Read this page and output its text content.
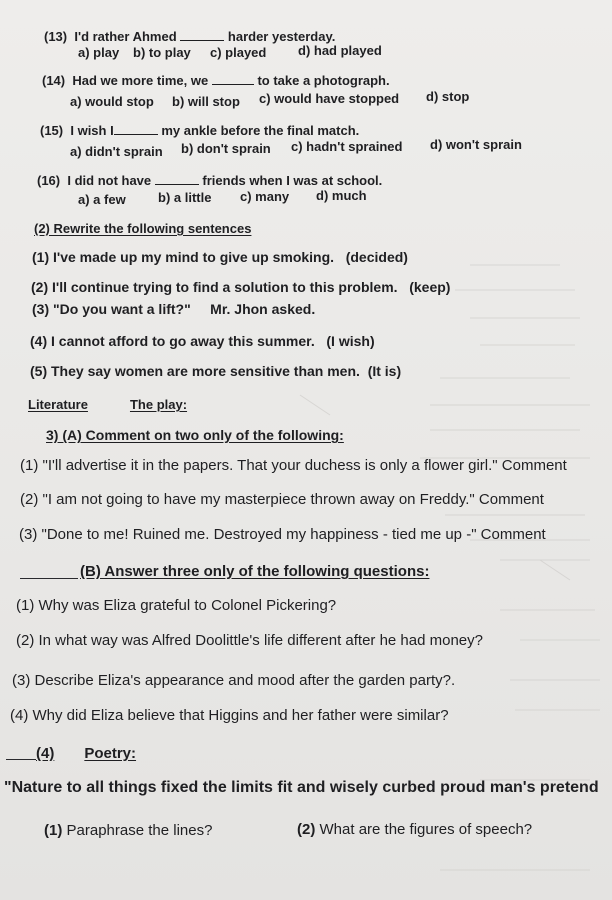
(13) I'd rather Ahmed	harder yesterday.
a) play b) to play c) played d) had played
(14) Had we more time, we	to take a photograph.
a) would stop b) will stop c) would have stopped d) stop
(15) I wish I	my ankle before the final match.
a) didn't sprain b) don't sprain c) hadn't sprained d) won't sprain
(16) I did not have	friends when I was at school.
a) a few b) a little c) many d) much
(2) Rewrite the following sentences
(1) I've made up my mind to give up smoking. (decided)
(2) I'll continue trying to find a solution to this problem. (keep)
(3) "Do you want a lift?" Mr. Jhon asked.
(4) I cannot afford to go away this summer. (I wish)
(5) They say women are more sensitive than men. (It is)
Literature	The play:
3) (A) Comment on two only of the following:
(1) "I'll advertise it in the papers. That your duchess is only a flower girl." Comment
(2) "I am not going to have my masterpiece thrown away on Freddy." Comment
(3) "Done to me! Ruined me. Destroyed my happiness - tied me up -" Comment
(B) Answer three only of the following questions:
(1) Why was Eliza grateful to Colonel Pickering?
(2) In what way was Alfred Doolittle's life different after he had money?
(3) Describe Eliza's appearance and mood after the garden party?.
(4) Why did Eliza believe that Higgins and her father were similar?
(4) Poetry:
"Nature to all things fixed the limits fit and wisely curbed proud man's pretend
(1) Paraphrase the lines?	(2) What are the figures of speech?
